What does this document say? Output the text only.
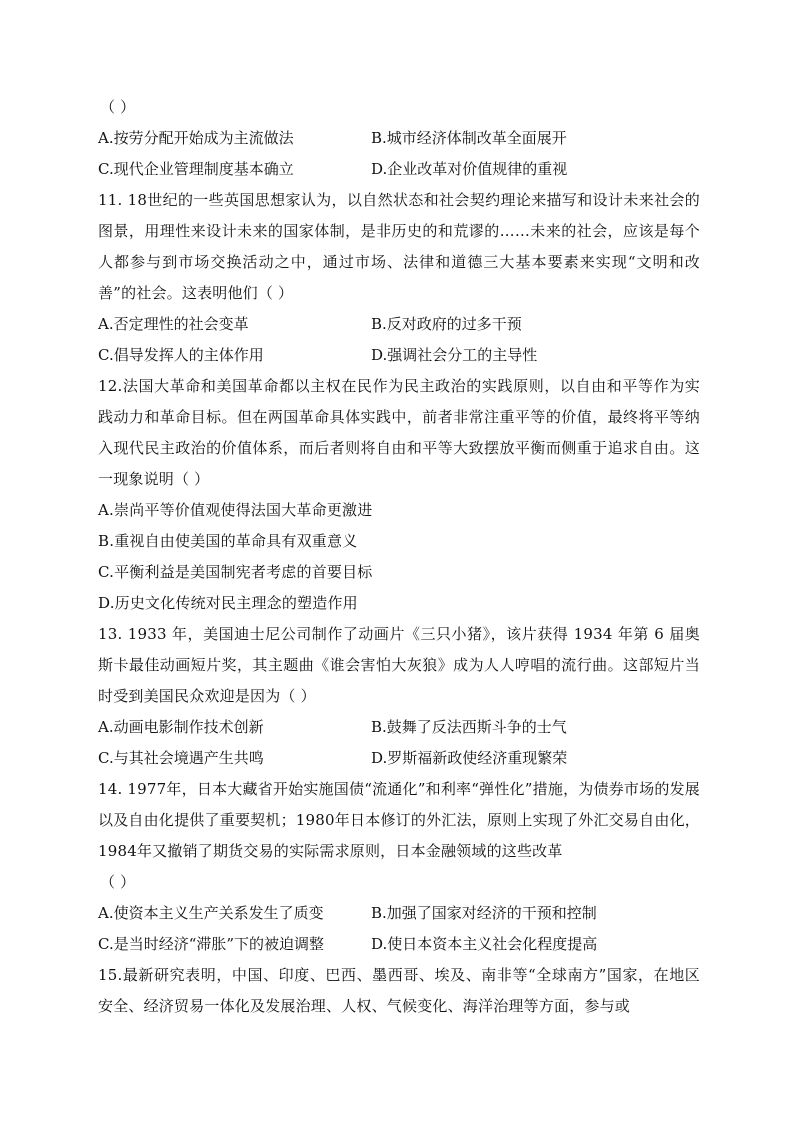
（ ）
A.按劳分配开始成为主流做法	B.城市经济体制改革全面展开
C.现代企业管理制度基本确立	D.企业改革对价值规律的重视
11. 18世纪的一些英国思想家认为，以自然状态和社会契约理论来描写和设计未来社会的图景，用理性来设计未来的国家体制，是非历史的和荒谬的……未来的社会，应该是每个人都参与到市场交换活动之中，通过市场、法律和道德三大基本要素来实现“文明和改善”的社会。这表明他们（ ）
A.否定理性的社会变革	B.反对政府的过多干预
C.倡导发挥人的主体作用	D.强调社会分工的主导性
12.法国大革命和美国革命都以主权在民作为民主政治的实践原则，以自由和平等作为实践动力和革命目标。但在两国革命具体实践中，前者非常注重平等的价值，最终将平等纳入现代民主政治的价值体系，而后者则将自由和平等大致摆放平衡而侧重于追求自由。这一现象说明（ ）
A.崇尚平等价值观使得法国大革命更激进
B.重视自由使美国的革命具有双重意义
C.平衡利益是美国制宪者考虑的首要目标
D.历史文化传统对民主理念的塑造作用
13. 1933 年，美国迪士尼公司制作了动画片《三只小猪》，该片获得 1934 年第 6 届奥斯卡最佳动画短片奖，其主题曲《谁会害怕大灰狼》成为人人哼唱的流行曲。这部短片当时受到美国民众欢迎是因为（ ）
A.动画电影制作技术创新	B.鼓舞了反法西斯斗争的士气
C.与其社会境遇产生共鸣	D.罗斯福新政使经济重现繁荣
14. 1977年，日本大藏省开始实施国债“流通化”和利率“弹性化”措施，为债券市场的发展以及自由化提供了重要契机；1980年日本修订的外汇法，原则上实现了外汇交易自由化，1984年又撤销了期货交易的实际需求原则，日本金融领域的这些改革
（ ）
A.使资本主义生产关系发生了质变	B.加强了国家对经济的干预和控制
C.是当时经济“滞胀”下的被迫调整	D.使日本资本主义社会化程度提高
15.最新研究表明，中国、印度、巴西、墨西哥、埃及、南非等“全球南方”国家，在地区安全、经济贸易一体化及发展治理、人权、气候变化、海洋治理等方面，参与或
